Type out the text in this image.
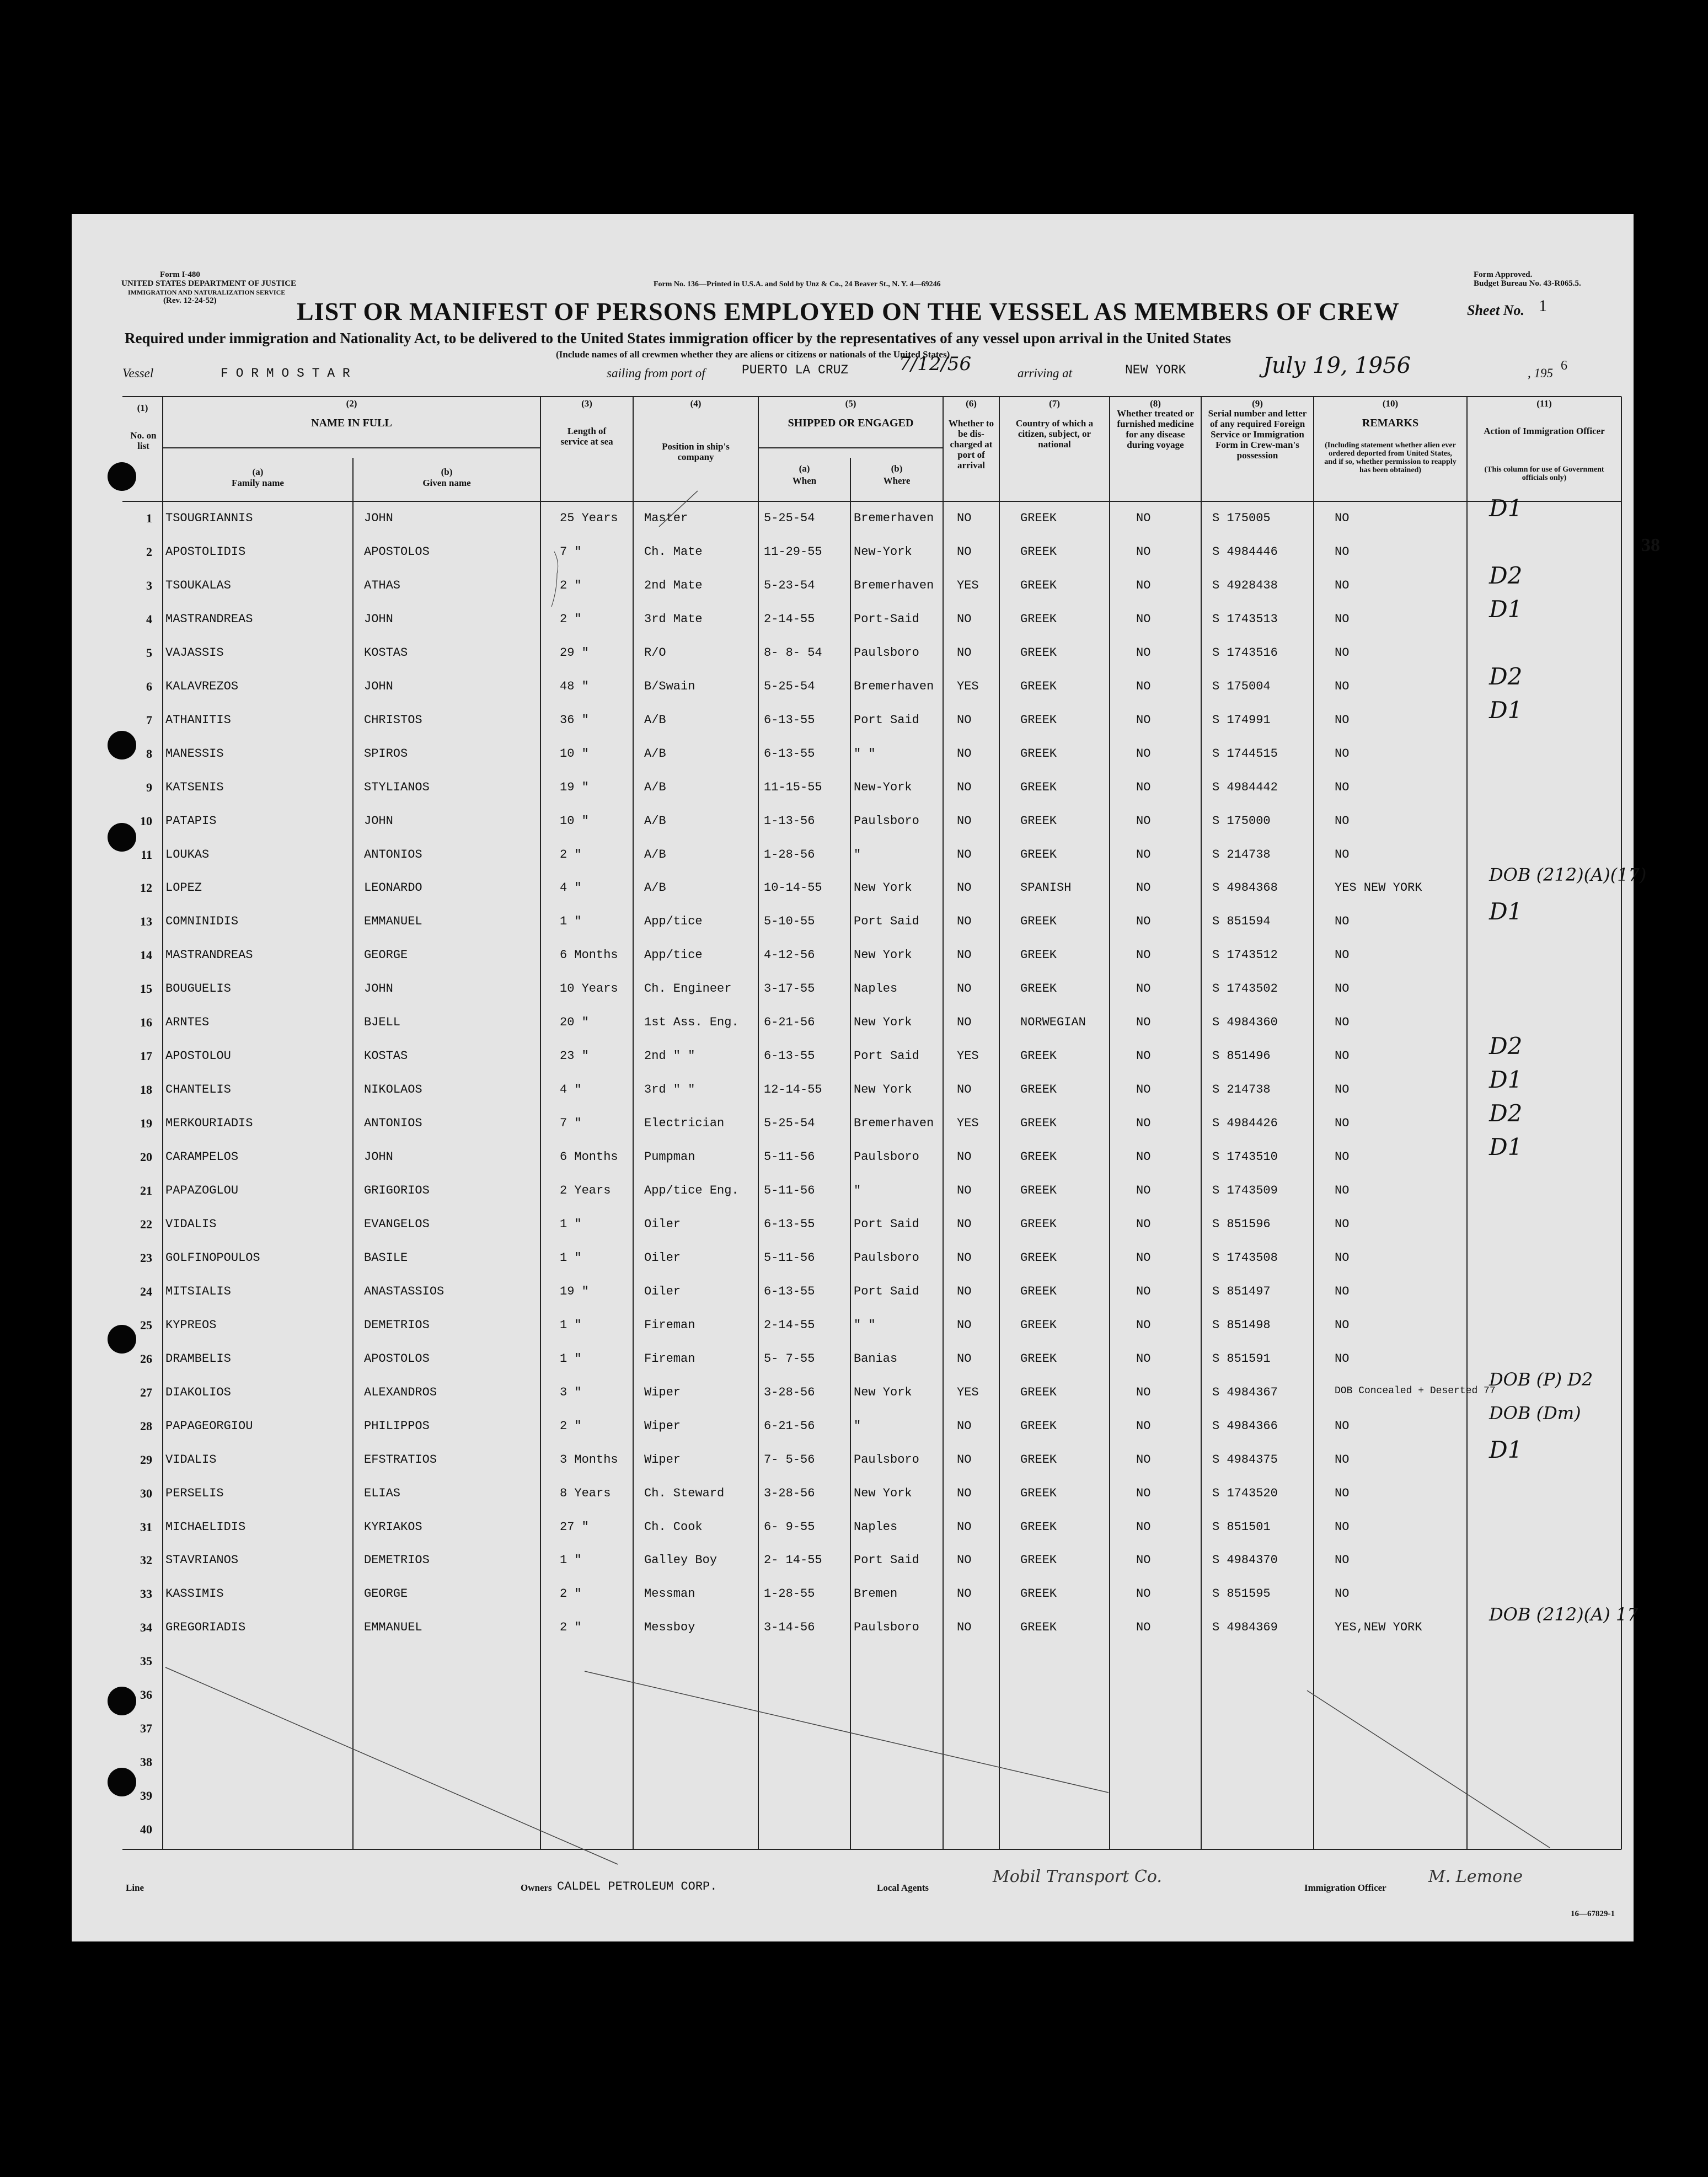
Form I-480
UNITED STATES DEPARTMENT OF JUSTICE
IMMIGRATION AND NATURALIZATION SERVICE
(Rev. 12-24-52)
Form No. 136—Printed in U.S.A. and Sold by Unz & Co., 24 Beaver St., N. Y. 4—69246
Form Approved.
Budget Bureau No. 43-R065.5.
Sheet No. 1
LIST OR MANIFEST OF PERSONS EMPLOYED ON THE VESSEL AS MEMBERS OF CREW
Required under immigration and Nationality Act, to be delivered to the United States immigration officer by the representatives of any vessel upon arrival in the United States
(Include names of all crewmen whether they are aliens or citizens or nationals of the United States)
Vessel	F O R M O S T A R	sailing from port of	PUERTO LA CRUZ	7/12/56	arriving at	NEW YORK	July 19, 1956	, 195
6
(1)
No. on list
(2)
NAME IN FULL
(a)
Family name
(b)
Given name
(3)
Length of service at sea
(4)
Position in ship's company
(5)
SHIPPED OR ENGAGED
(a)
When
(b)
Where
(6)
Whether to be dis-charged at port of arrival
(7)
Country of which a citizen, subject, or national
(8)
Whether treated or furnished medicine for any disease during voyage
(9)
Serial number and letter of any required Foreign Service or Immigration Form in Crew-man's possession
(10)
REMARKS
(Including statement whether alien ever ordered deported from United States, and if so, whether permission to reapply has been obtained)
(11)
Action of Immigration Officer
(This column for use of Government officials only)
1 TSOUGRIANNIS	JOHN	25 Years	Master	5-25-54	Bremerhaven	NO	GREEK	NO	S 175005	NO	D1
2 APOSTOLIDIS	APOSTOLOS	7 "	Ch. Mate	11-29-55	New-York	NO	GREEK	NO	S 4984446	NO
3 TSOUKALAS	ATHAS	2 "	2nd Mate	5-23-54	Bremerhaven	YES	GREEK	NO	S 4928438	NO	D2
4 MASTRANDREAS	JOHN	2 "	3rd Mate	2-14-55	Port-Said	NO	GREEK	NO	S 1743513	NO	D1
5 VAJASSIS	KOSTAS	29 "	R/O	8- 8- 54	Paulsboro	NO	GREEK	NO	S 1743516	NO
6 KALAVREZOS	JOHN	48 "	B/Swain	5-25-54	Bremerhaven	YES	GREEK	NO	S 175004	NO	D2
7 ATHANITIS	CHRISTOS	36 "	A/B	6-13-55	Port Said	NO	GREEK	NO	S 174991	NO	D1
8 MANESSIS	SPIROS	10 "	A/B	6-13-55	" "	NO	GREEK	NO	S 1744515	NO
9 KATSENIS	STYLIANOS	19 "	A/B	11-15-55	New-York	NO	GREEK	NO	S 4984442	NO
10 PATAPIS	JOHN	10 "	A/B	1-13-56	Paulsboro	NO	GREEK	NO	S 175000	NO
11 LOUKAS	ANTONIOS	2 "	A/B	1-28-56	"	NO	GREEK	NO	S 214738	NO
12 LOPEZ	LEONARDO	4 "	A/B	10-14-55	New York	NO	SPANISH	NO	S 4984368	YES NEW YORK
DOB (212)(A)(17)
13 COMNINIDIS	EMMANUEL	1 "	App/tice	5-10-55	Port Said	NO	GREEK	NO	S 851594	NO	D1
14 MASTRANDREAS	GEORGE	6 Months	App/tice	4-12-56	New York	NO	GREEK	NO	S 1743512	NO
15 BOUGUELIS	JOHN	10 Years	Ch. Engineer	3-17-55	Naples	NO	GREEK	NO	S 1743502	NO
16 ARNTES	BJELL	20 "	1st Ass. Eng.	6-21-56	New York	NO	NORWEGIAN	NO	S 4984360	NO
17 APOSTOLOU	KOSTAS	23 "	2nd " "	6-13-55	Port Said	YES	GREEK	NO	S 851496	NO	D2
18 CHANTELIS	NIKOLAOS	4 "	3rd " "	12-14-55	New York	NO	GREEK	NO	S 214738	NO	D1
19 MERKOURIADIS	ANTONIOS	7 "	Electrician	5-25-54	Bremerhaven	YES	GREEK	NO	S 4984426	NO	D2
20 CARAMPELOS	JOHN	6 Months	Pumpman	5-11-56	Paulsboro	NO	GREEK	NO	S 1743510	NO	D1
21 PAPAZOGLOU	GRIGORIOS	2 Years	App/tice Eng.	5-11-56	"	NO	GREEK	NO	S 1743509	NO
22 VIDALIS	EVANGELOS	1 "	Oiler	6-13-55	Port Said	NO	GREEK	NO	S 851596	NO
23 GOLFINOPOULOS	BASILE	1 "	Oiler	5-11-56	Paulsboro	NO	GREEK	NO	S 1743508	NO
24 MITSIALIS	ANASTASSIOS	19 "	Oiler	6-13-55	Port Said	NO	GREEK	NO	S 851497	NO
25 KYPREOS	DEMETRIOS	1 "	Fireman	2-14-55	" "	NO	GREEK	NO	S 851498	NO
26 DRAMBELIS	APOSTOLOS	1 "	Fireman	5- 7-55	Banias	NO	GREEK	NO	S 851591	NO
27 DIAKOLIOS	ALEXANDROS	3 "	Wiper	3-28-56	New York	YES	GREEK	NO	S 4984367	DOB Concealed + Deserted 77
DOB (P) D2
28 PAPAGEORGIOU	PHILIPPOS	2 "	Wiper	6-21-56	"	NO	GREEK	NO	S 4984366	NO
DOB (Dm)
29 VIDALIS	EFSTRATIOS	3 Months	Wiper	7- 5-56	Paulsboro	NO	GREEK	NO	S 4984375	NO	D1
30 PERSELIS	ELIAS	8 Years	Ch. Steward	3-28-56	New York	NO	GREEK	NO	S 1743520	NO
31 MICHAELIDIS	KYRIAKOS	27 "	Ch. Cook	6- 9-55	Naples	NO	GREEK	NO	S 851501	NO
32 STAVRIANOS	DEMETRIOS	1 "	Galley Boy	2- 14-55	Port Said	NO	GREEK	NO	S 4984370	NO
33 KASSIMIS	GEORGE	2 "	Messman	1-28-55	Bremen	NO	GREEK	NO	S 851595	NO
34 GREGORIADIS	EMMANUEL	2 "	Messboy	3-14-56	Paulsboro	NO	GREEK	NO	S 4984369	YES,NEW YORK
DOB (212)(A) 17
35
36
37
38
39
40
38
Line	Owners CALDEL PETROLEUM CORP.	Local Agents
Mobil Transport Co.
Immigration Officer
M. Lemone
16—67829-1
